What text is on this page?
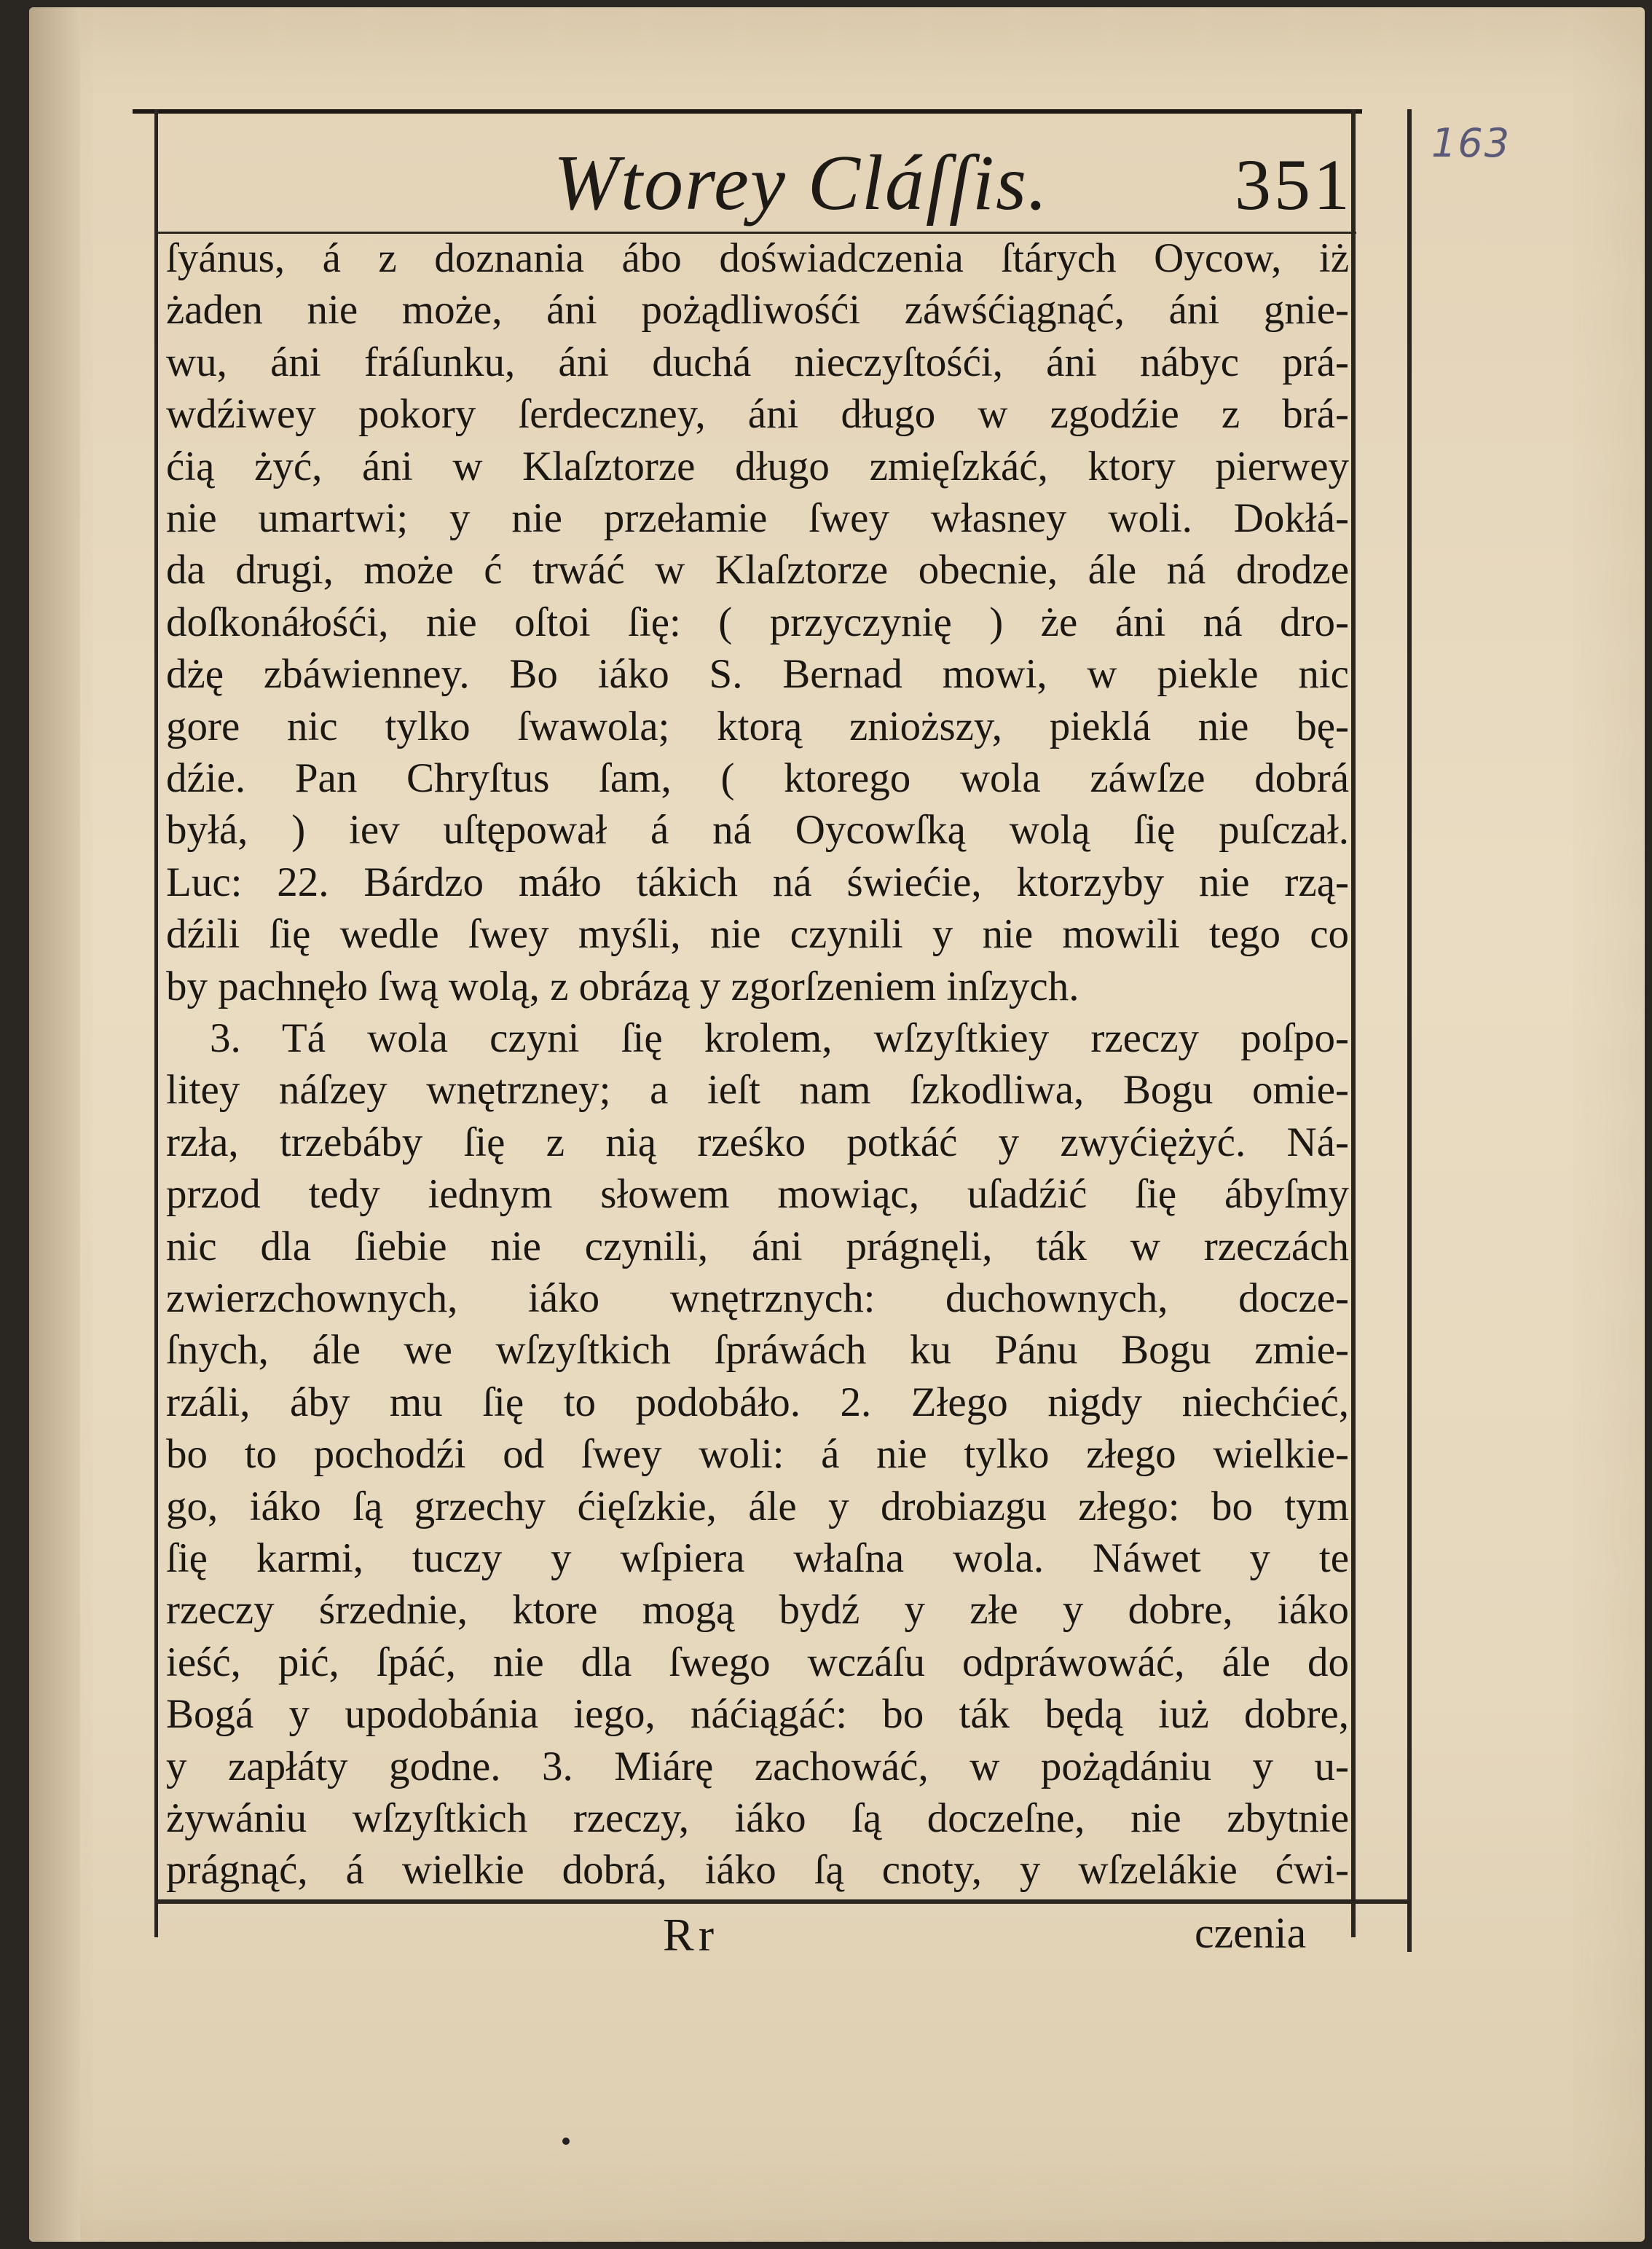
163
Wtorey Cláſſis.	351
ſyánus, á z doznania ábo doświadczenia ſtárych Oycow, iż
żaden nie może, áni pożądliwośći záwśćiągnąć, áni gnie-
wu, áni fráſunku, áni duchá nieczyſtośći, áni nábyc prá-
wdźiwey pokory ſerdeczney, áni długo w zgodźie z brá-
ćią żyć, áni w Klaſztorze długo zmięſzkáć, ktory pierwey
nie umartwi; y nie przełamie ſwey własney woli. Dokłá-
da drugi, może ć trwáć w Klaſztorze obecnie, ále ná drodze
doſkonáłośći, nie oſtoi ſię: ( przyczynię ) że áni ná dro-
dżę zbáwienney. Bo iáko S. Bernad mowi, w piekle nic
gore nic tylko ſwawola; ktorą znioższy, pieklá nie bę-
dźie. Pan Chryſtus ſam, ( ktorego wola záwſze dobrá
byłá, ) iev uſtępował á ná Oycowſką wolą ſię puſczał.
Luc: 22. Bárdzo máło tákich ná świećie, ktorzyby nie rzą-
dźili ſię wedle ſwey myśli, nie czynili y nie mowili tego co
by pachnęło ſwą wolą, z obrázą y zgorſzeniem inſzych.
3. Tá wola czyni ſię krolem, wſzyſtkiey rzeczy poſpo-
litey náſzey wnętrzney; a ieſt nam ſzkodliwa, Bogu omie-
rzła, trzebáby ſię z nią rześko potkáć y zwyćiężyć. Ná-
przod tedy iednym słowem mowiąc, uſadźić ſię ábyſmy
nic dla ſiebie nie czynili, áni prágnęli, ták w rzeczách
zwierzchownych, iáko wnętrznych: duchownych, docze-
ſnych, ále we wſzyſtkich ſpráwách ku Pánu Bogu zmie-
rzáli, áby mu ſię to podobáło. 2. Złego nigdy niechćieć,
bo to pochodźi od ſwey woli: á nie tylko złego wielkie-
go, iáko ſą grzechy ćięſzkie, ále y drobiazgu złego: bo tym
ſię karmi, tuczy y wſpiera właſna wola. Náwet y te
rzeczy śrzednie, ktore mogą bydź y złe y dobre, iáko
ieść, pić, ſpáć, nie dla ſwego wczáſu odpráwowáć, ále do
Bogá y upodobánia iego, náćiągáć: bo ták będą iuż dobre,
y zapłáty godne. 3. Miárę zachowáć, w pożądániu y u-
żywániu wſzyſtkich rzeczy, iáko ſą doczeſne, nie zbytnie
prágnąć, á wielkie dobrá, iáko ſą cnoty, y wſzelákie ćwi-
Rr	czenia
